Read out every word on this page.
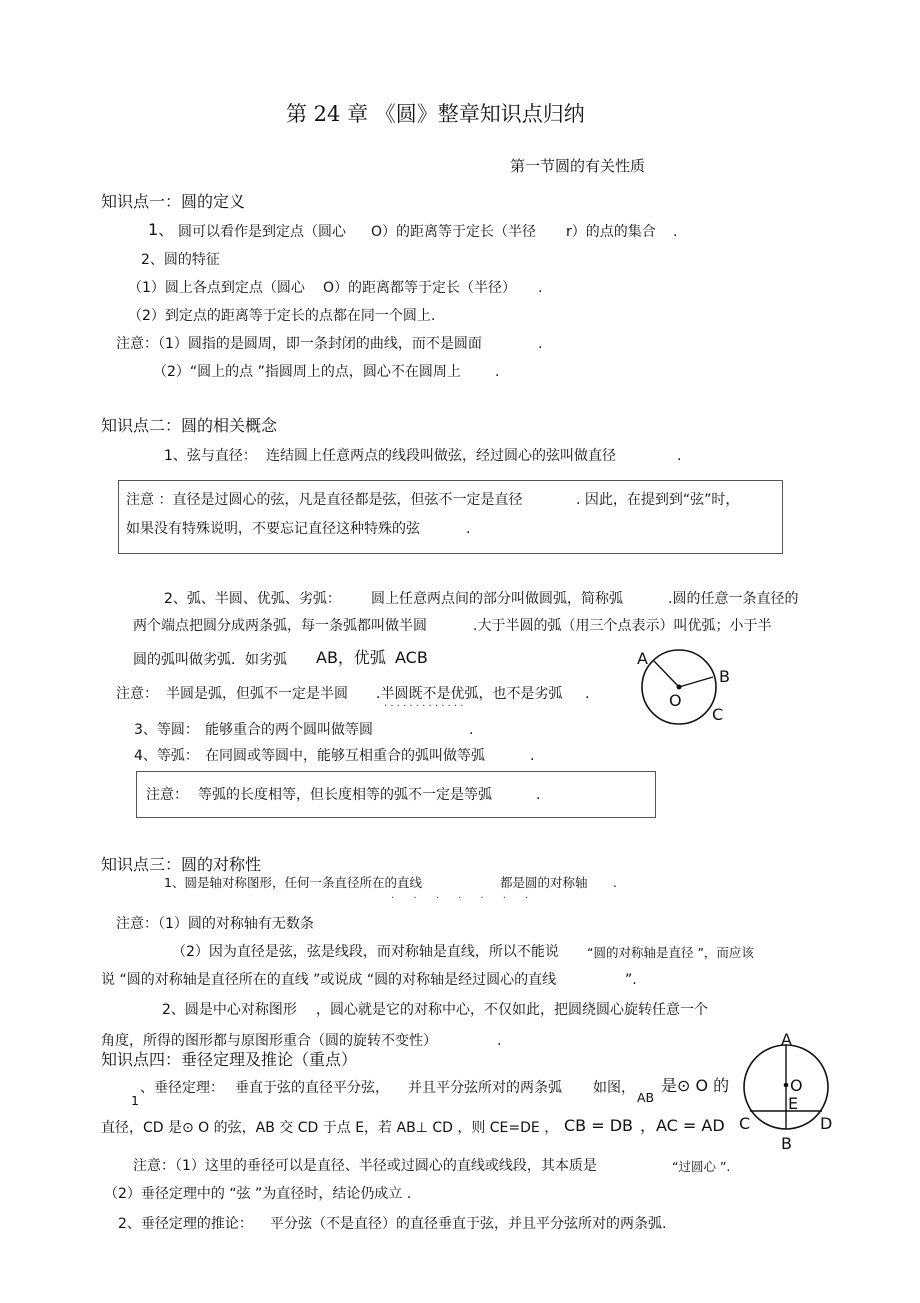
第 24 章 《圆》整章知识点归纳
第一节圆的有关性质
知识点一：圆的定义
1、 圆可以看作是到定点（圆心 O）的距离等于定长（半径 r）的点的集合 .
2、圆的特征
（1）圆上各点到定点（圆心 O）的距离都等于定长（半径） .
（2）到定点的距离等于定长的点都在同一个圆上.
注意：（1）圆指的是圆周，即一条封闭的曲线，而不是圆面	.
（2）“圆上的点 ”指圆周上的点，圆心不在圆周上 .
知识点二：圆的相关概念
1、弦与直径： 连结圆上任意两点的线段叫做弦，经过圆心的弦叫做直径	.
注意 ：直径是过圆心的弦，凡是直径都是弦，但弦不一定是直径	. 因此，在提到到“弦”时，
如果没有特殊说明，不要忘记直径这种特殊的弦	.
2、弧、半圆、优弧、劣弧： 圆上任意两点间的部分叫做圆弧，简称弧	.圆的任意一条直径的
两个端点把圆分成两条弧，每一条弧都叫做半圆	.大于半圆的弧（用三个点表示）叫优弧；小于半
圆的弧叫做劣弧．如劣弧 AB，优弧 ACB
注意： 半圆是弧，但弧不一定是半圆 .半圆既不是优弧，也不是劣弧 .
· · · · · · · · · · · · ·
3、等圆： 能够重合的两个圆叫做等圆	.
4、等弧： 在同圆或等圆中，能够互相重合的弧叫做等弧	.
注意： 等弧的长度相等，但长度相等的弧不一定是等弧	.
A
B
O
C
知识点三：圆的对称性
1、圆是轴对称图形，任何一条直径所在的直线	都是圆的对称轴 .
· · · · · · ·
注意：（1）圆的对称轴有无数条
（2）因为直径是弦，弦是线段，而对称轴是直线，所以不能说 “圆的对称轴是直径 ”，而应该
说 “圆的对称轴是直径所在的直线 ”或说成 “圆的对称轴是经过圆心的直线	”.
2、圆是中心对称图形 ，圆心就是它的对称中心，不仅如此，把圆绕圆心旋转任意一个
角度，所得的图形都与原图形重合（圆的旋转不变性）	.
知识点四：垂径定理及推论（重点）
1
、垂径定理： 垂直于弦的直径平分弦， 并且平分弦所对的两条弧 如图，
AB
是⊙ O 的
直径，CD 是⊙ O 的弦，AB 交 CD 于点 E，若 AB⊥ CD ，则 CE=DE ， CB = DB ，AC = AD
注意：（1）这里的垂径可以是直径、半径或过圆心的直线或线段，其本质是	“过圆心 ”.
（2）垂径定理中的 “弦 ”为直径时，结论仍成立 .
2、垂径定理的推论： 平分弦（不是直径）的直径垂直于弦，并且平分弦所对的两条弧.
A
O
E
C	D
B
